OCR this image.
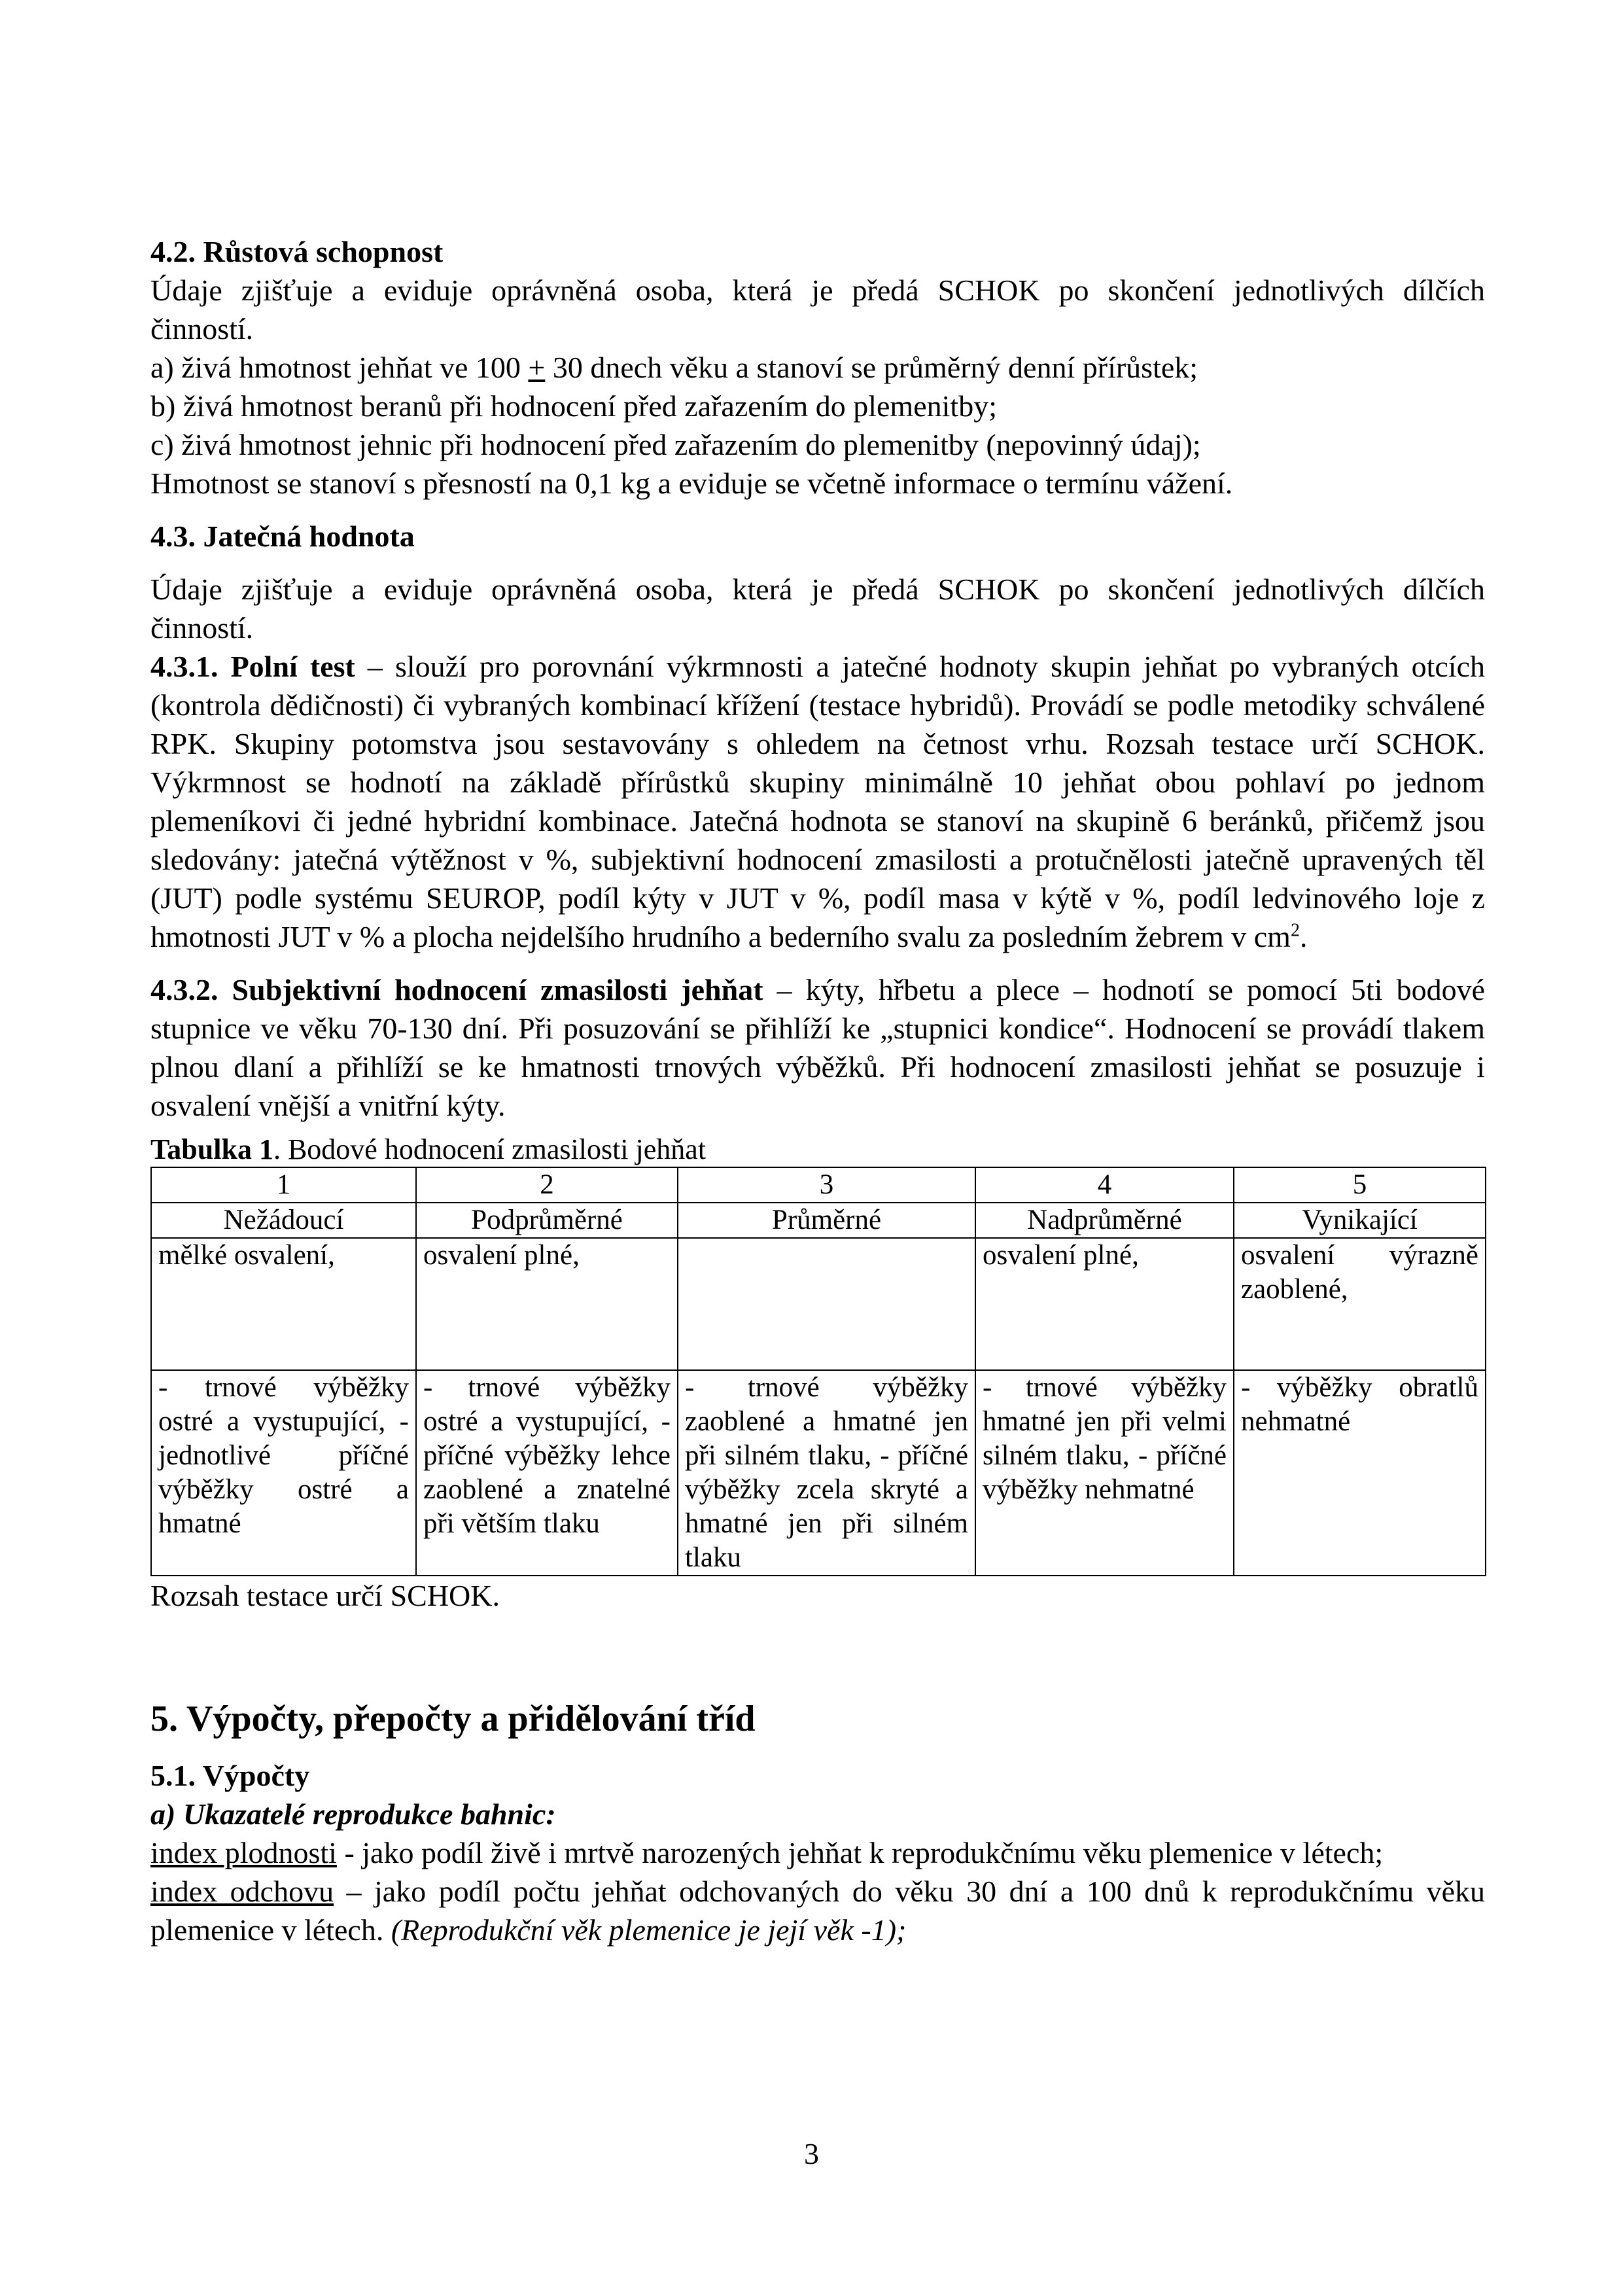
4.2. Růstová schopnost

Údaje zjišťuje a eviduje oprávněná osoba, která je předá SCHOK po skončení jednotlivých dílčích

činností.

a) živá hmotnost jehňat ve 100 + 30 dnech věku a stanoví se průměrný denní přírůstek;

b) živá hmotnost beranů při hodnocení před zařazením do plemenitby;

c) živá hmotnost jehnic při hodnocení před zařazením do plemenitby (nepovinný údaj);

Hmotnost se stanoví s přesností na 0,1 kg a eviduje se včetně informace o termínu vážení.

4.3. Jatečná hodnota

Údaje zjišťuje a eviduje oprávněná osoba, která je předá SCHOK po skončení jednotlivých dílčích

činností.

4.3.1. Polní test – slouží pro porovnání výkrmnosti a jatečné hodnoty skupin jehňat po vybraných otcích (kontrola dědičnosti) či vybraných kombinací křížení (testace hybridů). Provádí se podle metodiky schválené RPK. Skupiny potomstva jsou sestavovány s ohledem na četnost vrhu. Rozsah testace určí SCHOK. Výkrmnost se hodnotí na základě přírůstků skupiny minimálně 10 jehňat obou pohlaví po jednom plemeníkovi či jedné hybridní kombinace. Jatečná hodnota se stanoví na skupině 6 beránků, přičemž jsou sledovány: jatečná výtěžnost v %, subjektivní hodnocení zmasilosti a protučnělosti jatečně upravených těl (JUT) podle systému SEUROP, podíl kýty v JUT v %, podíl masa v kýtě v %, podíl ledvinového loje z hmotnosti JUT v % a plocha nejdelšího hrudního a bederního svalu za posledním žebrem v $cm^2$.

4.3.2. Subjektivní hodnocení zmasilosti jehňat – kýty, hřbetu a plece – hodnotí se pomocí 5ti bodové stupnice ve věku 70-130 dní. Při posuzování se přihlíží ke „stupnici kondice“. Hodnocení se provádí tlakem plnou dlaní a přihlíží se ke hmatnosti trnových výběžků. Při hodnocení zmasilosti jehňat se posuzuje i osvalení vnější a vnitřní kýty.

Tabulka 1. Bodové hodnocení zmasilosti jehňat

1	2	3	4	5
Nežádoucí	Podprůměrné	Průměrné	Nadprůměrné	Vynikající
mělké osvalení,	osvalení plné,		osvalení plné,	osvalení výrazně zaoblené,
- trnové výběžky ostré a vystupující, - jednotlivé příčné výběžky ostré a hmatné	- trnové výběžky ostré a vystupující, - příčné výběžky lehce zaoblené a znatelné při větším tlaku	- trnové výběžky zaoblené a hmatné jen při silném tlaku, - příčné výběžky zcela skryté a hmatné jen při silném tlaku	- trnové výběžky hmatné jen při velmi silném tlaku, - příčné výběžky nehmatné	- výběžky obratlů nehmatné

Rozsah testace určí SCHOK.

5. Výpočty, přepočty a přidělování tříd
5.1. Výpočty

a) Ukazatelé reprodukce bahnic:

index plodnosti - jako podíl živě i mrtvě narozených jehňat k reprodukčnímu věku plemenice v létech;

index odchovu – jako podíl počtu jehňat odchovaných do věku 30 dní a 100 dnů k reprodukčnímu věku plemenice v létech. (Reprodukční věk plemenice je její věk -1);

3
